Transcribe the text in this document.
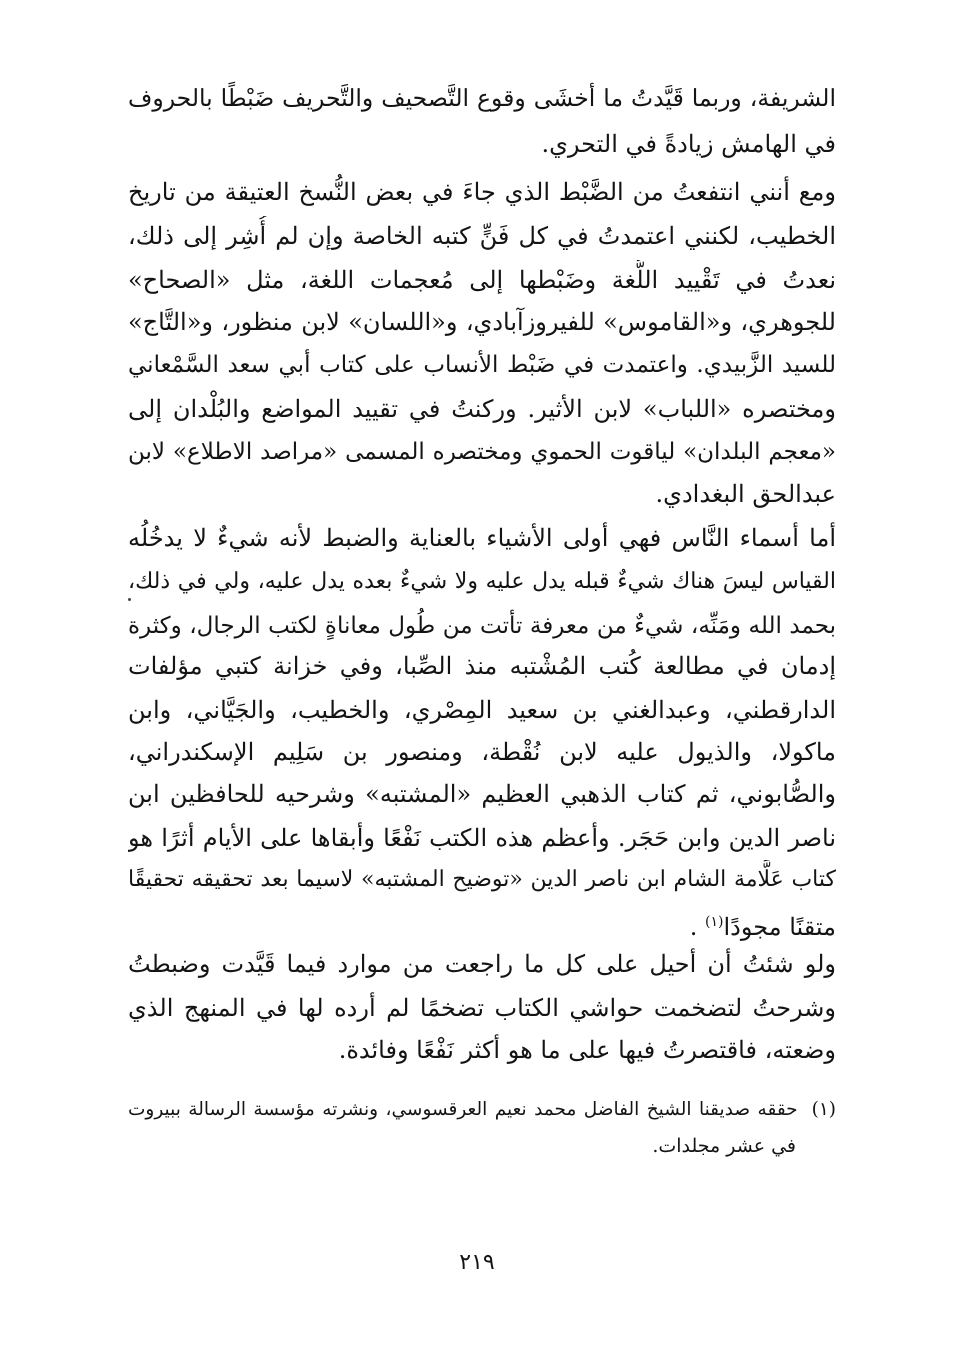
الشريفة، وربما قَيَّدتُ ما أخشَى وقوع التَّصحيف والتَّحريف ضَبْطًا بالحروف
في الهامش زيادةً في التحري.
ومع أنني انتفعتُ من الضَّبْط الذي جاءَ في بعض النُّسخ العتيقة من تاريخ
الخطيب، لكنني اعتمدتُ في كل فَنٍّ كتبه الخاصة وإن لم أُشِر إلى ذلك،
نعدتُ في تَقْييد اللُّغة وضَبْطها إلى مُعجمات اللغة، مثل «الصحاح»
للجوهري، و«القاموس» للفيروزآبادي، و«اللسان» لابن منظور، و«التَّاج»
للسيد الزَّبيدي. واعتمدت في ضَبْط الأنساب على كتاب أبي سعد السَّمْعاني
ومختصره «اللباب» لابن الأثير. وركنتُ في تقييد المواضع والبُلْدان إلى
«معجم البلدان» لياقوت الحموي ومختصره المسمى «مراصد الاطلاع» لابن
عبدالحق البغدادي.
أما أسماء النَّاس فهي أولى الأشياء بالعناية والضبط لأنه شيءٌ لا يدخُلُه
القياس ليسَ هناك شيءٌ قبله يدل عليه ولا شيءٌ بعده يدل عليه، ولي في ذلك،
بحمد الله ومَنِّه، شيءٌ من معرفة تأتت من طُول معاناةٍ لكتب الرجال، وكثرة
إدمان في مطالعة كُتب المُشْتبه منذ الصِّبا، وفي خزانة كتبي مؤلفات
الدارقطني، وعبدالغني بن سعيد المِصْري، والخطيب، والجَيَّاني، وابن
ماكولا، والذيول عليه لابن نُقْطة، ومنصور بن سَلِيم الإسكندراني،
والصُّابوني، ثم كتاب الذهبي العظيم «المشتبه» وشرحيه للحافظين ابن
ناصر الدين وابن حَجَر. وأعظم هذه الكتب نَفْعًا وأبقاها على الأيام أثرًا هو
كتاب عَلَّامة الشام ابن ناصر الدين «توضيح المشتبه» لاسيما بعد تحقيقه تحقيقًا
متقنًا مجودًا$^{(١)}$ .
ولو شئتُ أن أحيل على كل ما راجعت من موارد فيما قَيَّدت وضبطتُ
وشرحتُ لتضخمت حواشي الكتاب تضخمًا لم أرده لها في المنهج الذي
وضعته، فاقتصرتُ فيها على ما هو أكثر نَفْعًا وفائدة.
(١)حققه صديقنا الشيخ الفاضل محمد نعيم العرقسوسي، ونشرته مؤسسة الرسالة ببيروت
في عشر مجلدات.
٢١٩
